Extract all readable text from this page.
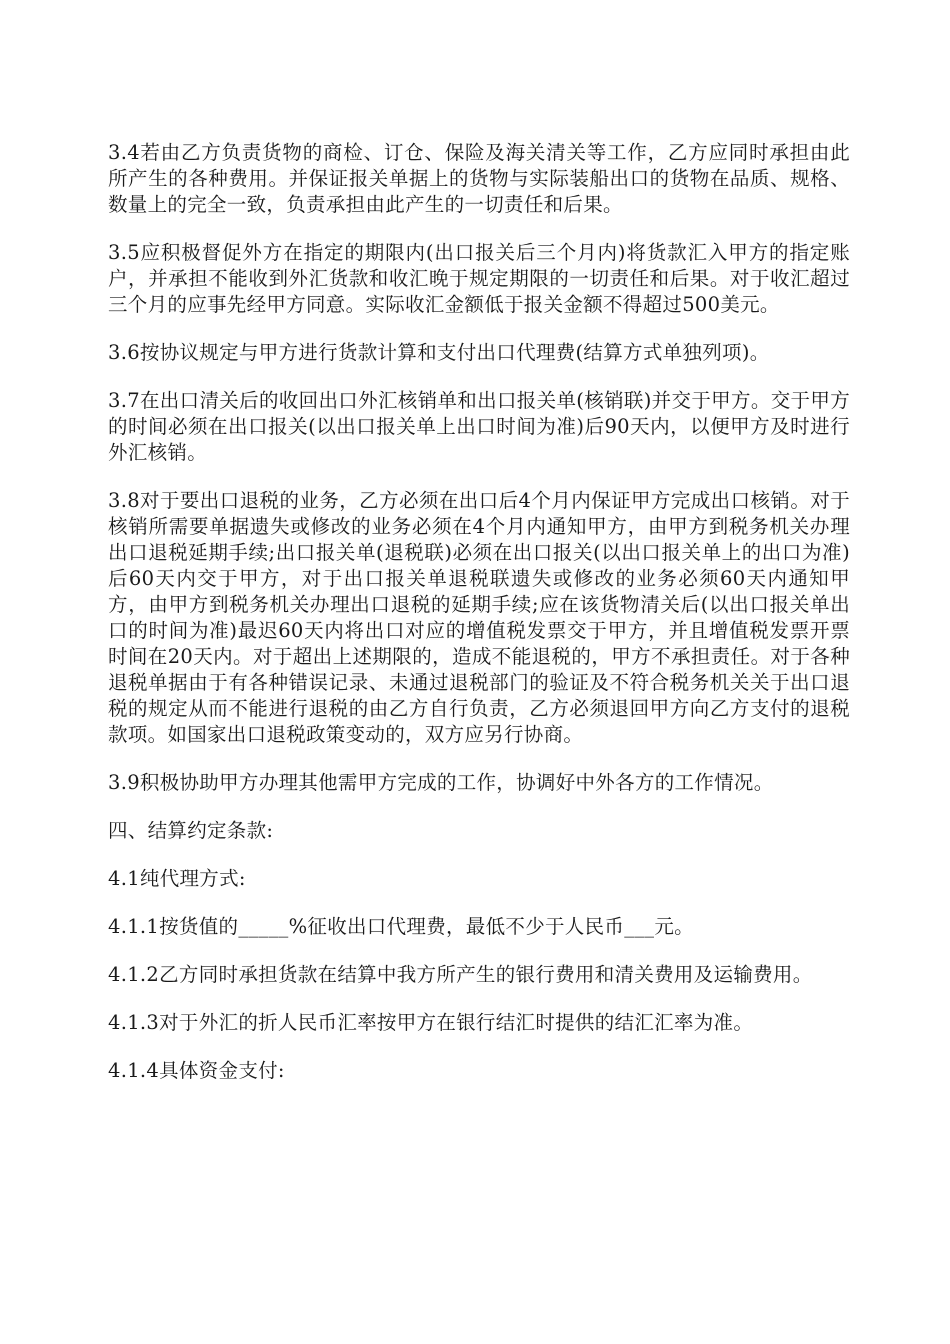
3.4若由乙方负责货物的商检、订仓、保险及海关清关等工作，乙方应同时承担由此所产生的各种费用。并保证报关单据上的货物与实际装船出口的货物在品质、规格、数量上的完全一致，负责承担由此产生的一切责任和后果。

3.5应积极督促外方在指定的期限内(出口报关后三个月内)将货款汇入甲方的指定账户，并承担不能收到外汇货款和收汇晚于规定期限的一切责任和后果。对于收汇超过三个月的应事先经甲方同意。实际收汇金额低于报关金额不得超过500美元。

3.6按协议规定与甲方进行货款计算和支付出口代理费(结算方式单独列项)。

3.7在出口清关后的收回出口外汇核销单和出口报关单(核销联)并交于甲方。交于甲方的时间必须在出口报关(以出口报关单上出口时间为准)后90天内，以便甲方及时进行外汇核销。

3.8对于要出口退税的业务，乙方必须在出口后4个月内保证甲方完成出口核销。对于核销所需要单据遗失或修改的业务必须在4个月内通知甲方，由甲方到税务机关办理出口退税延期手续;出口报关单(退税联)必须在出口报关(以出口报关单上的出口为准)后60天内交于甲方，对于出口报关单退税联遗失或修改的业务必须60天内通知甲方，由甲方到税务机关办理出口退税的延期手续;应在该货物清关后(以出口报关单出口的时间为准)最迟60天内将出口对应的增值税发票交于甲方，并且增值税发票开票时间在20天内。对于超出上述期限的，造成不能退税的，甲方不承担责任。对于各种退税单据由于有各种错误记录、未通过退税部门的验证及不符合税务机关关于出口退税的规定从而不能进行退税的由乙方自行负责，乙方必须退回甲方向乙方支付的退税款项。如国家出口退税政策变动的，双方应另行协商。

3.9积极协助甲方办理其他需甲方完成的工作，协调好中外各方的工作情况。

四、结算约定条款:

4.1纯代理方式:

4.1.1按货值的_____%征收出口代理费，最低不少于人民币___元。

4.1.2乙方同时承担货款在结算中我方所产生的银行费用和清关费用及运输费用。

4.1.3对于外汇的折人民币汇率按甲方在银行结汇时提供的结汇汇率为准。

4.1.4具体资金支付:
